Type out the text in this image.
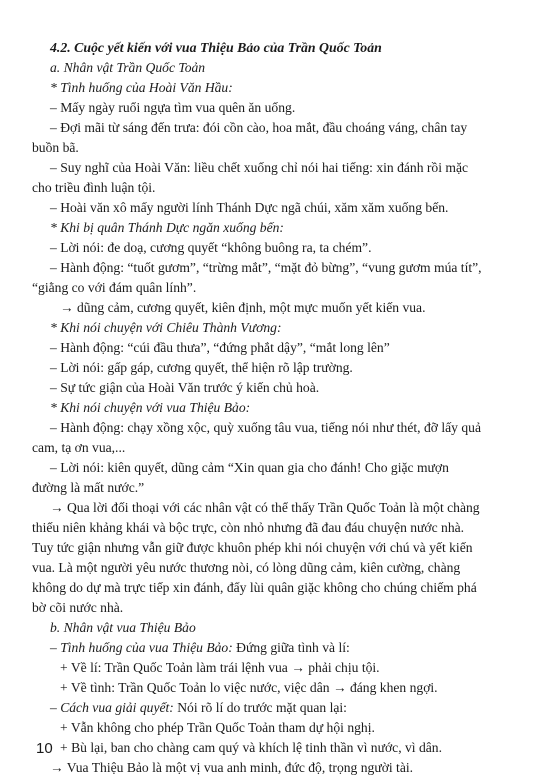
4.2. Cuộc yết kiến với vua Thiệu Bảo của Trần Quốc Toản
a. Nhân vật Trần Quốc Toản
* Tình huống của Hoài Văn Hầu:
– Mấy ngày ruổi ngựa tìm vua quên ăn uống.
– Đợi mãi từ sáng đến trưa: đói cồn cào, hoa mắt, đầu choáng váng, chân tay
buồn bã.
– Suy nghĩ của Hoài Văn: liều chết xuống chỉ nói hai tiếng: xin đánh rồi mặc
cho triều đình luận tội.
– Hoài văn xô mấy người lính Thánh Dực ngã chúi, xăm xăm xuống bến.
* Khi bị quân Thánh Dực ngăn xuống bến:
– Lời nói: đe doạ, cương quyết “không buông ra, ta chém”.
– Hành động: “tuốt gươm”, “trừng mắt”, “mặt đỏ bừng”, “vung gươm múa tít”,
“giằng co với đám quân lính”.
→ dũng cảm, cương quyết, kiên định, một mực muốn yết kiến vua.
* Khi nói chuyện với Chiêu Thành Vương:
– Hành động: “cúi đầu thưa”, “đứng phắt dậy”, “mắt long lên”
– Lời nói: gấp gáp, cương quyết, thể hiện rõ lập trường.
– Sự tức giận của Hoài Văn trước ý kiến chủ hoà.
* Khi nói chuyện với vua Thiệu Bảo:
– Hành động: chạy xồng xộc, quỳ xuống tâu vua, tiếng nói như thét, đỡ lấy quả
cam, tạ ơn vua,...
– Lời nói: kiên quyết, dũng cảm “Xin quan gia cho đánh! Cho giặc mượn
đường là mất nước.”
→ Qua lời đối thoại với các nhân vật có thể thấy Trần Quốc Toản là một chàng
thiếu niên khảng khái và bộc trực, còn nhỏ nhưng đã đau đáu chuyện nước nhà.
Tuy tức giận nhưng vẫn giữ được khuôn phép khi nói chuyện với chú và yết kiến
vua. Là một người yêu nước thương nòi, có lòng dũng cảm, kiên cường, chàng
không do dự mà trực tiếp xin đánh, đẩy lùi quân giặc không cho chúng chiếm phá
bờ cõi nước nhà.
b. Nhân vật vua Thiệu Bảo
– Tình huống của vua Thiệu Bảo: Đứng giữa tình và lí:
+ Về lí: Trần Quốc Toản làm trái lệnh vua → phải chịu tội.
+ Về tình: Trần Quốc Toản lo việc nước, việc dân → đáng khen ngợi.
– Cách vua giải quyết: Nói rõ lí do trước mặt quan lại:
+ Vẫn không cho phép Trần Quốc Toản tham dự hội nghị.
+ Bù lại, ban cho chàng cam quý và khích lệ tinh thần vì nước, vì dân.
→ Vua Thiệu Bảo là một vị vua anh minh, đức độ, trọng người tài.
10
